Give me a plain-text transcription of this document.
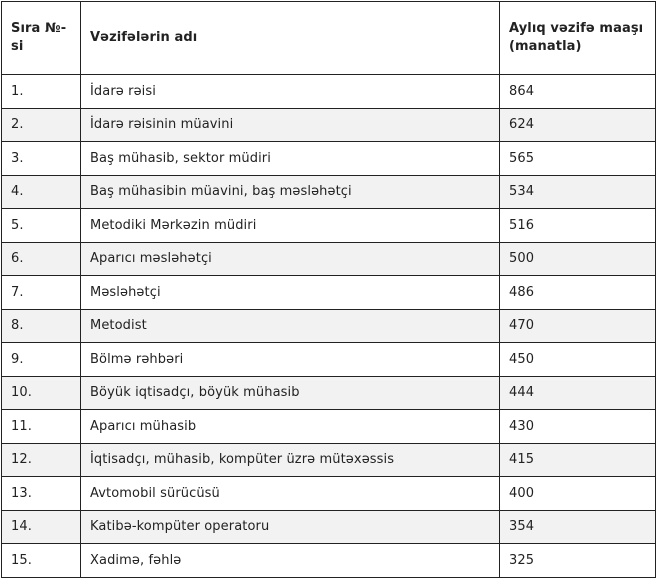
Sıra №-si	Vəzifələrin adı	Aylıq vəzifə maaşı (manatla)
1.	İdarə rəisi	864
2.	İdarə rəisinin müavini	624
3.	Baş mühasib, sektor müdiri	565
4.	Baş mühasibin müavini, baş məsləhətçi	534
5.	Metodiki Mərkəzin müdiri	516
6.	Aparıcı məsləhətçi	500
7.	Məsləhətçi	486
8.	Metodist	470
9.	Bölmə rəhbəri	450
10.	Böyük iqtisadçı, böyük mühasib	444
11.	Aparıcı mühasib	430
12.	İqtisadçı, mühasib, kompüter üzrə mütəxəssis	415
13.	Avtomobil sürücüsü	400
14.	Katibə-kompüter operatoru	354
15.	Xadimə, fəhlə	325
